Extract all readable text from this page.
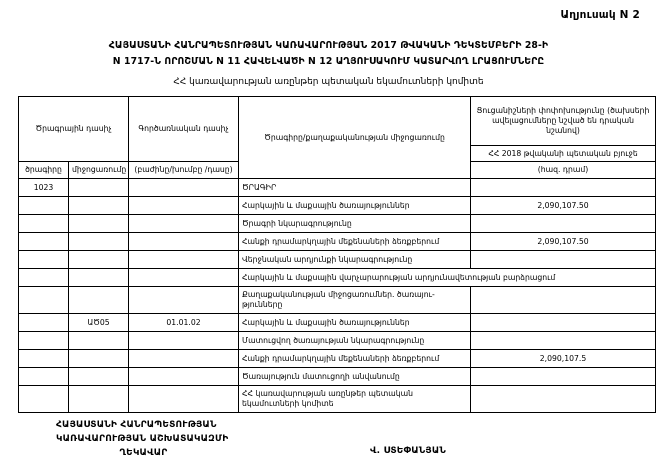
Աղյուսակ N 2
ՀԱՅԱՍՏԱՆԻ ՀԱՆՐԱՊԵՏՈՒԹՅԱՆ ԿԱՌԱՎԱՐՈՒԹՅԱՆ 2017 ԹՎԱԿԱՆԻ ԴԵԿՏԵՄԲԵՐԻ 28-Ի
N 1717-Ն ՈՐՈՇՄԱՆ N 11 ՀԱՎԵԼՎԱԾԻ N 12 ԱՂՅՈՒՍԱԿՈՒՄ ԿԱՏԱՐՎՈՂ ԼՐԱՑՈՒՄՆԵՐԸ
ՀՀ կառավարության առընթեր պետական եկամուտների կոմիտե
Ծրագրային դասիչ		Գործառնական դասիչ	Ծրագիրը/քաղաքականության միջոցառումը	Ցուցանիշների փոփոխությունը (ծախսերի ավելացումները նշված են դրական նշանով)
				ՀՀ 2018 թվականի պետական բյուջե
ծրագիրը	միջոցառումը	(բաժինը/խումբը /դասը)		(հազ. դրամ)
1023			ԾՐԱԳԻՐ	
			Հարկային և մաքսային ծառայություններ	2,090,107.50
			Ծրագրի նկարագրությունը	
			Հանքի դրամարկղային մեքենաների ձեռքբերում	2,090,107.50
			Վերջնական արդյունքի նկարագրությունը	
			Հարկային և մաքսային վարչարարության արդյունավետության բարձրացում	
			Քաղաքականության միջոցառումներ. ծառայու-թյունները	
	ԱԾ05	01.01.02	Հարկային և մաքսային ծառայություններ	
			Մատուցվող ծառայության նկարագրությունը	
			Հանքի դրամարկղային մեքենաների ձեռքբերում	2,090,107.5
			Ծառայություն մատուցողի անվանումը	
			ՀՀ կառավարության առընթեր պետական եկամուտների կոմիտե	
ՀԱՅԱՍՏԱՆԻ ՀԱՆՐԱՊԵՏՈՒԹՅԱՆ
ԿԱՌԱՎԱՐՈՒԹՅԱՆ ԱՇԽԱՏԱԿԱԶՄԻ
ՂԵԿԱՎԱՐ	Վ. ՍՏԵՓԱՆՅԱՆ
